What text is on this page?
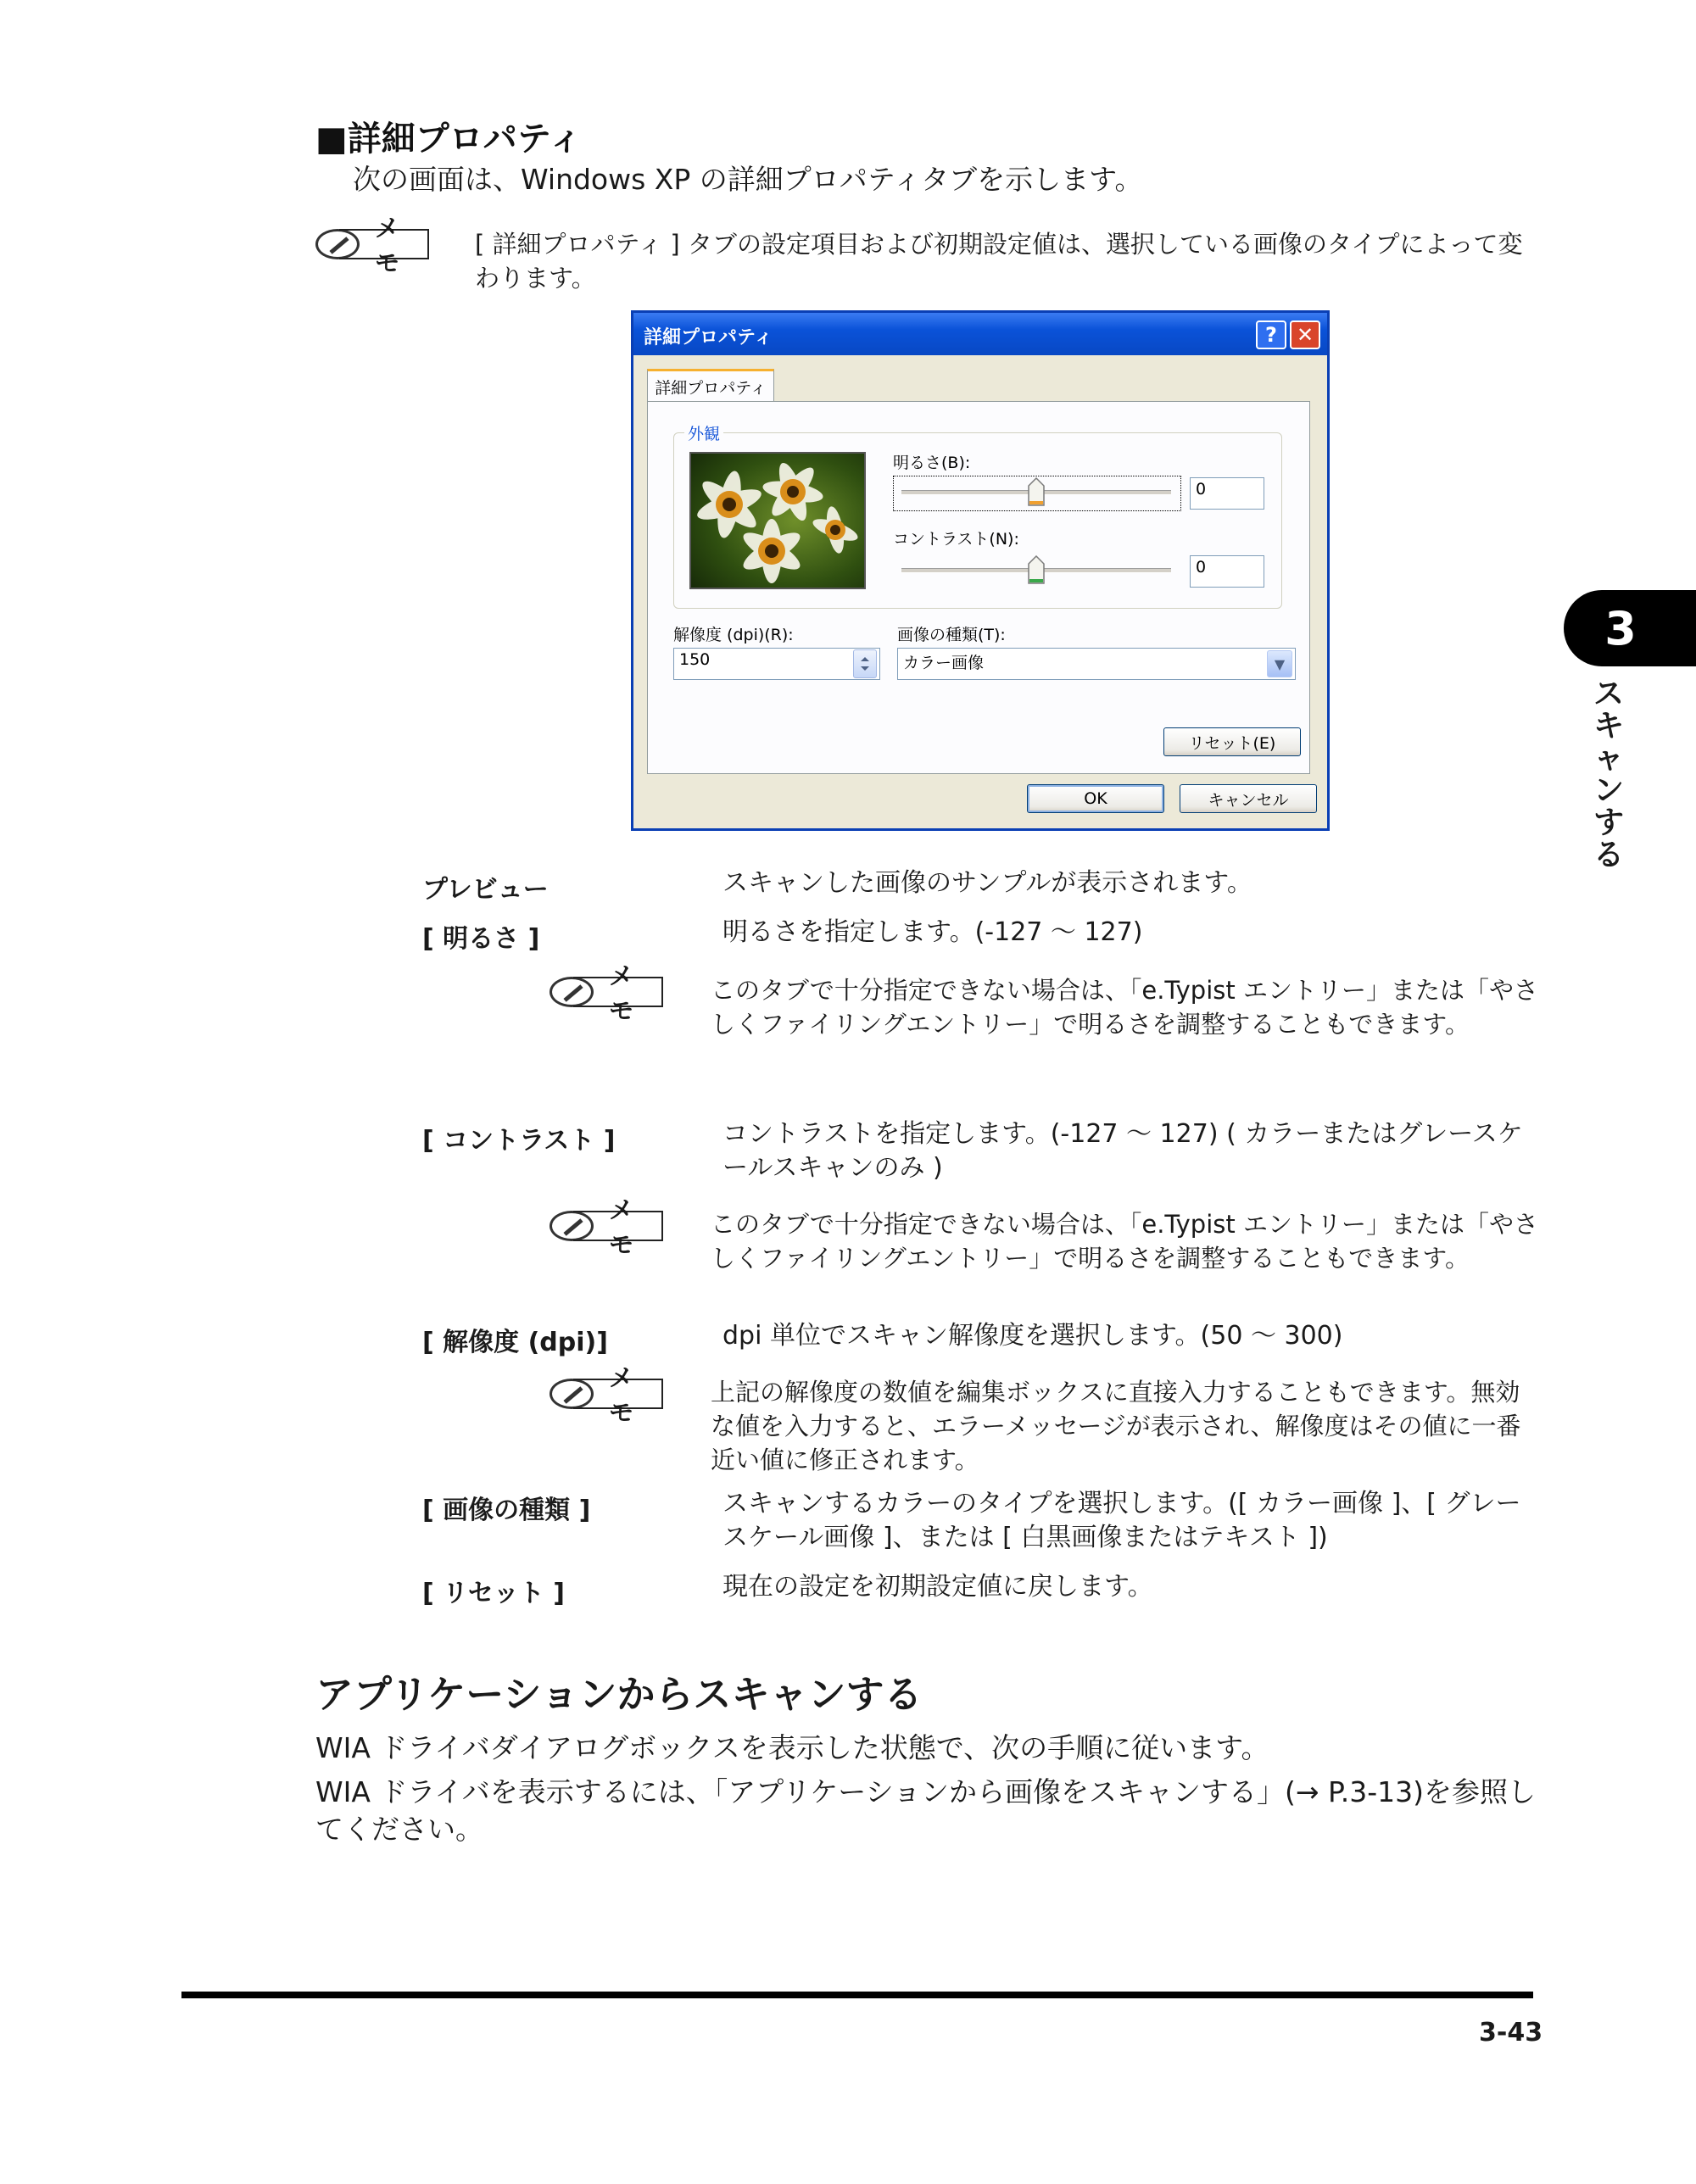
■詳細プロパティ
次の画面は、Windows XP の詳細プロパティタブを示します。
メモ
[ 詳細プロパティ ] タブの設定項目および初期設定値は、選択している画像のタイプによって変わります。
詳細プロパティ	? ✕
詳細プロパティ
外観
明るさ(B):
0
コントラスト(N):
0
解像度 (dpi)(R):
150
画像の種類(T):
カラー画像	▼
リセット(E)
OK	キャンセル
プレビュー	スキャンした画像のサンプルが表示されます。
[ 明るさ ]	明るさを指定します。(-127 ～ 127)
メモ
このタブで十分指定できない場合は、「e.Typist エントリー」または「やさしくファイリングエントリー」で明るさを調整することもできます。
[ コントラスト ]	コントラストを指定します。(-127 ～ 127) ( カラーまたはグレースケールスキャンのみ )
メモ
このタブで十分指定できない場合は、「e.Typist エントリー」または「やさしくファイリングエントリー」で明るさを調整することもできます。
[ 解像度 (dpi)]	dpi 単位でスキャン解像度を選択します。(50 ～ 300)
メモ
上記の解像度の数値を編集ボックスに直接入力することもできます。無効な値を入力すると、エラーメッセージが表示され、解像度はその値に一番近い値に修正されます。
[ 画像の種類 ]	スキャンするカラーのタイプを選択します。([ カラー画像 ]、[ グレースケール画像 ]、または [ 白黒画像またはテキスト ])
[ リセット ]	現在の設定を初期設定値に戻します。
アプリケーションからスキャンする
WIA ドライバダイアログボックスを表示した状態で、次の手順に従います。
WIA ドライバを表示するには、「アプリケーションから画像をスキャンする」(→ P.3-13)を参照してください。
3
スキャンする
3-43
